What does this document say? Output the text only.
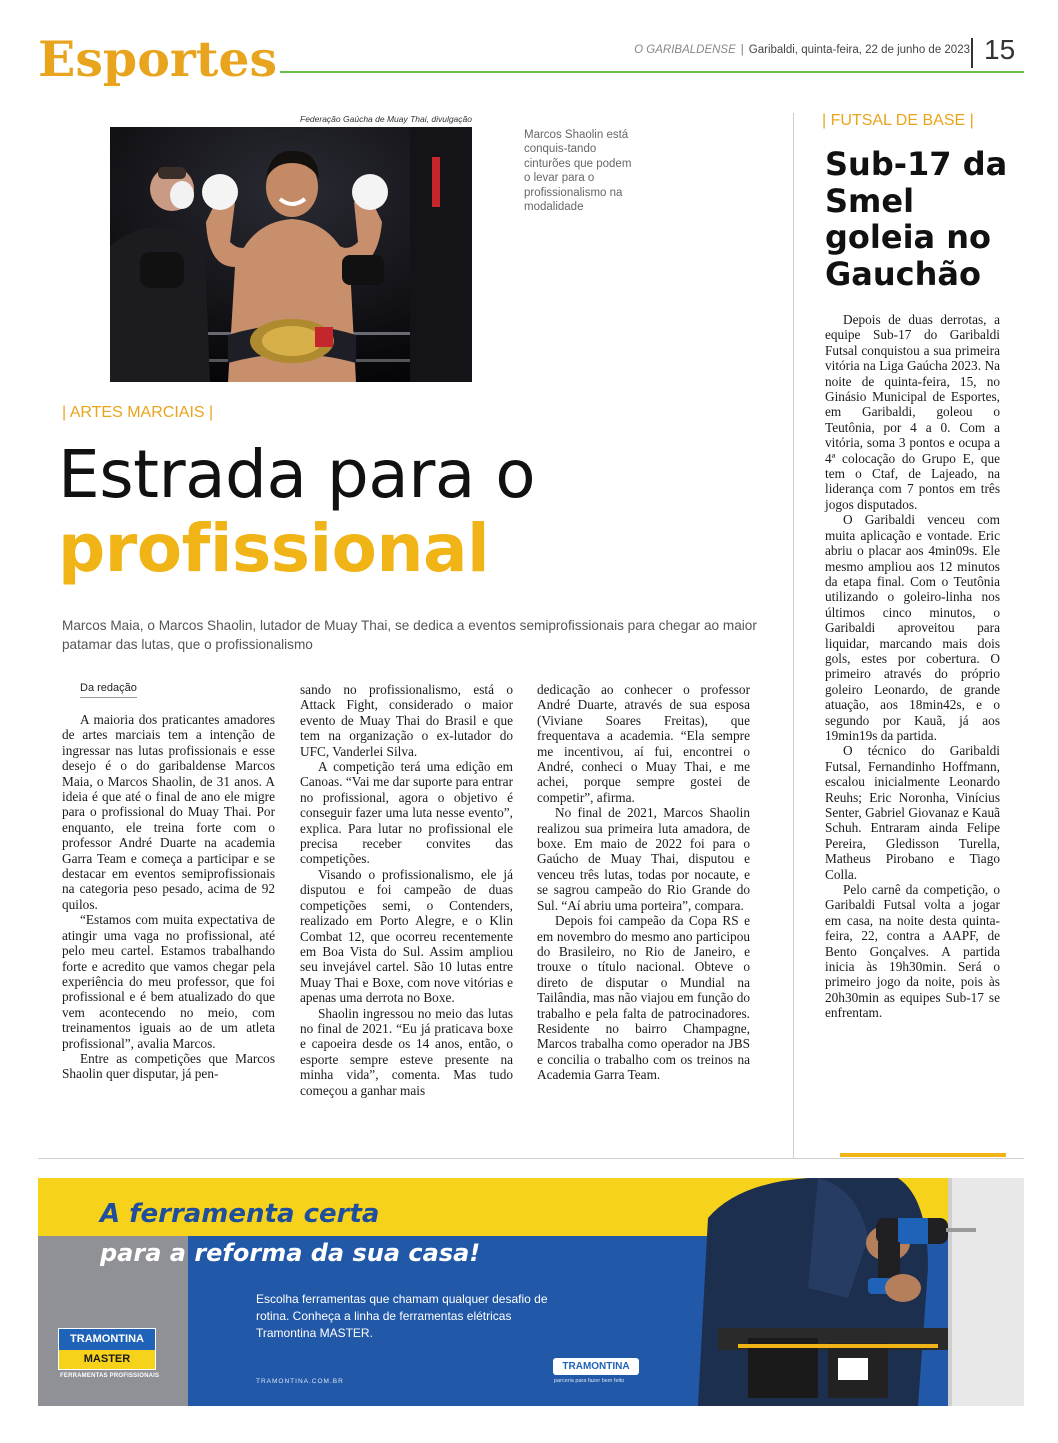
Esportes	O GARIBALDENSE | Garibaldi, quinta-feira, 22 de junho de 2023 15
Federação Gaúcha de Muay Thai, divulgação
Marcos Shaolin está conquis-tando cinturões que podem o levar para o profissionalismo na modalidade
| ARTES MARCIAIS |
Estrada para o
profissional
Marcos Maia, o Marcos Shaolin, lutador de Muay Thai, se dedica a eventos semiprofissionais para chegar ao maior patamar das lutas, que o profissionalismo
Da redação

A maioria dos praticantes amadores de artes marciais tem a intenção de ingressar nas lutas profissionais e esse desejo é o do garibaldense Marcos Maia, o Marcos Shaolin, de 31 anos. A ideia é que até o final de ano ele migre para o profissional do Muay Thai. Por enquanto, ele treina forte com o professor André Duarte na academia Garra Team e começa a participar e se destacar em eventos semiprofissionais na categoria peso pesado, acima de 92 quilos.

“Estamos com muita expectativa de atingir uma vaga no profissional, até pelo meu cartel. Estamos trabalhando forte e acredito que vamos chegar pela experiência do meu professor, que foi profissional e é bem atualizado do que vem acontecendo no meio, com treinamentos iguais ao de um atleta profissional”, avalia Marcos.

Entre as competições que Marcos Shaolin quer disputar, já pen-

sando no profissionalismo, está o Attack Fight, considerado o maior evento de Muay Thai do Brasil e que tem na organização o ex-lutador do UFC, Vanderlei Silva.

A competição terá uma edição em Canoas. “Vai me dar suporte para entrar no profissional, agora o objetivo é conseguir fazer uma luta nesse evento”, explica. Para lutar no profissional ele precisa receber convites das competições.

Visando o profissionalismo, ele já disputou e foi campeão de duas competições semi, o Contenders, realizado em Porto Alegre, e o Klin Combat 12, que ocorreu recentemente em Boa Vista do Sul. Assim ampliou seu invejável cartel. São 10 lutas entre Muay Thai e Boxe, com nove vitórias e apenas uma derrota no Boxe.

Shaolin ingressou no meio das lutas no final de 2021. “Eu já praticava boxe e capoeira desde os 14 anos, então, o esporte sempre esteve presente na minha vida”, comenta. Mas tudo começou a ganhar mais

dedicação ao conhecer o professor André Duarte, através de sua esposa (Viviane Soares Freitas), que frequentava a academia. “Ela sempre me incentivou, aí fui, encontrei o André, conheci o Muay Thai, e me achei, porque sempre gostei de competir”, afirma.

No final de 2021, Marcos Shaolin realizou sua primeira luta amadora, de boxe. Em maio de 2022 foi para o Gaúcho de Muay Thai, disputou e venceu três lutas, todas por nocaute, e se sagrou campeão do Rio Grande do Sul. “Aí abriu uma porteira”, compara.

Depois foi campeão da Copa RS e em novembro do mesmo ano participou do Brasileiro, no Rio de Janeiro, e trouxe o título nacional. Obteve o direto de disputar o Mundial na Tailândia, mas não viajou em função do trabalho e pela falta de patrocinadores. Residente no bairro Champagne, Marcos trabalha como operador na JBS e concilia o trabalho com os treinos na Academia Garra Team.

| FUTSAL DE BASE |
Sub-17 da Smel goleia no Gauchão

Depois de duas derrotas, a equipe Sub-17 do Garibaldi Futsal conquistou a sua primeira vitória na Liga Gaúcha 2023. Na noite de quinta-feira, 15, no Ginásio Municipal de Esportes, em Garibaldi, goleou o Teutônia, por 4 a 0. Com a vitória, soma 3 pontos e ocupa a 4ª colocação do Grupo E, que tem o Ctaf, de Lajeado, na liderança com 7 pontos em três jogos disputados.

O Garibaldi venceu com muita aplicação e vontade. Eric abriu o placar aos 4min09s. Ele mesmo ampliou aos 12 minutos da etapa final. Com o Teutônia utilizando o goleiro-linha nos últimos cinco minutos, o Garibaldi aproveitou para liquidar, marcando mais dois gols, estes por cobertura. O primeiro através do próprio goleiro Leonardo, de grande atuação, aos 18min42s, e o segundo por Kauã, já aos 19min19s da partida.

O técnico do Garibaldi Futsal, Fernandinho Hoffmann, escalou inicialmente Leonardo Reuhs; Eric Noronha, Vinícius Senter, Gabriel Giovanaz e Kauã Schuh. Entraram ainda Felipe Pereira, Gledisson Turella, Matheus Pirobano e Tiago Colla.

Pelo carnê da competição, o Garibaldi Futsal volta a jogar em casa, na noite desta quinta-feira, 22, contra a AAPF, de Bento Gonçalves. A partida inicia às 19h30min. Será o primeiro jogo da noite, pois às 20h30min as equipes Sub-17 se enfrentam.

A ferramenta certa
para a reforma da sua casa!
Escolha ferramentas que chamam qualquer desafio de rotina. Conheça a linha de ferramentas elétricas Tramontina MASTER.
TRAMONTINA.COM.BR
TRAMONTINA
MASTER
FERRAMENTAS PROFISSIONAIS
TRAMONTINA
parceria para fazer bem feito
